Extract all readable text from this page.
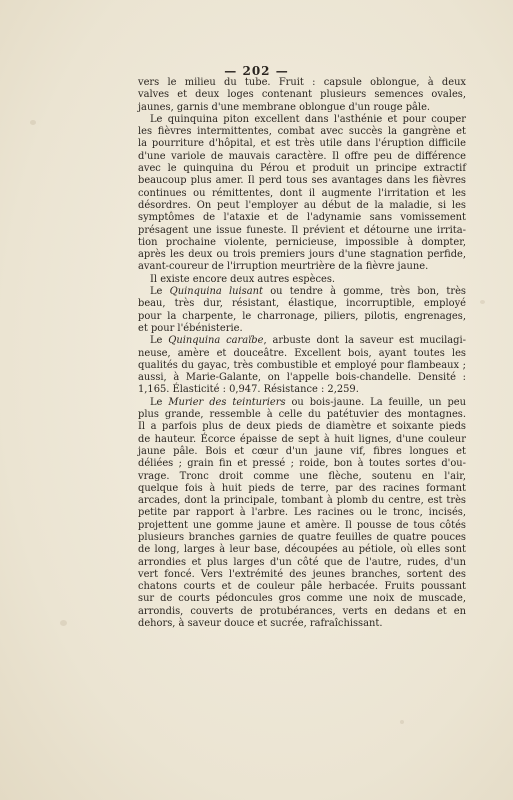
— 202 —

vers le milieu du tube. Fruit : capsule oblongue, à deux
valves et deux loges contenant plusieurs semences ovales,
jaunes, garnis d'une membrane oblongue d'un rouge pâle.

Le quinquina piton excellent dans l'asthénie et pour couper
les fièvres intermittentes, combat avec succès la gangrène et
la pourriture d'hôpital, et est très utile dans l'éruption difficile
d'une variole de mauvais caractère. Il offre peu de différence
avec le quinquina du Pérou et produit un principe extractif
beaucoup plus amer. Il perd tous ses avantages dans les fièvres
continues ou rémittentes, dont il augmente l'irritation et les
désordres. On peut l'employer au début de la maladie, si les
symptômes de l'ataxie et de l'adynamie sans vomissement
présagent une issue funeste. Il prévient et détourne une irrita-
tion prochaine violente, pernicieuse, impossible à dompter,
après les deux ou trois premiers jours d'une stagnation perfide,
avant-coureur de l'irruption meurtrière de la fièvre jaune.

Il existe encore deux autres espèces.

Le Quinquina luisant ou tendre à gomme, très bon, très
beau, très dur, résistant, élastique, incorruptible, employé
pour la charpente, le charronage, piliers, pilotis, engrenages,
et pour l'ébénisterie.

Le Quinquina caraïbe, arbuste dont la saveur est mucilagi-
neuse, amère et douceâtre. Excellent bois, ayant toutes les
qualités du gayac, très combustible et employé pour flambeaux ;
aussi, à Marie-Galante, on l'appelle bois-chandelle. Densité :
1,165. Élasticité : 0,947. Résistance : 2,259.

Le Murier des teinturiers ou bois-jaune. La feuille, un peu
plus grande, ressemble à celle du patétuvier des montagnes.
Il a parfois plus de deux pieds de diamètre et soixante pieds
de hauteur. Écorce épaisse de sept à huit lignes, d'une couleur
jaune pâle. Bois et cœur d'un jaune vif, fibres longues et
déliées ; grain fin et pressé ; roide, bon à toutes sortes d'ou-
vrage. Tronc droit comme une flèche, soutenu en l'air,
quelque fois à huit pieds de terre, par des racines formant
arcades, dont la principale, tombant à plomb du centre, est très
petite par rapport à l'arbre. Les racines ou le tronc, incisés,
projettent une gomme jaune et amère. Il pousse de tous côtés
plusieurs branches garnies de quatre feuilles de quatre pouces
de long, larges à leur base, découpées au pétiole, où elles sont
arrondies et plus larges d'un côté que de l'autre, rudes, d'un
vert foncé. Vers l'extrémité des jeunes branches, sortent des
chatons courts et de couleur pâle herbacée. Fruits poussant
sur de courts pédoncules gros comme une noix de muscade,
arrondis, couverts de protubérances, verts en dedans et en
dehors, à saveur douce et sucrée, rafraîchissant.
